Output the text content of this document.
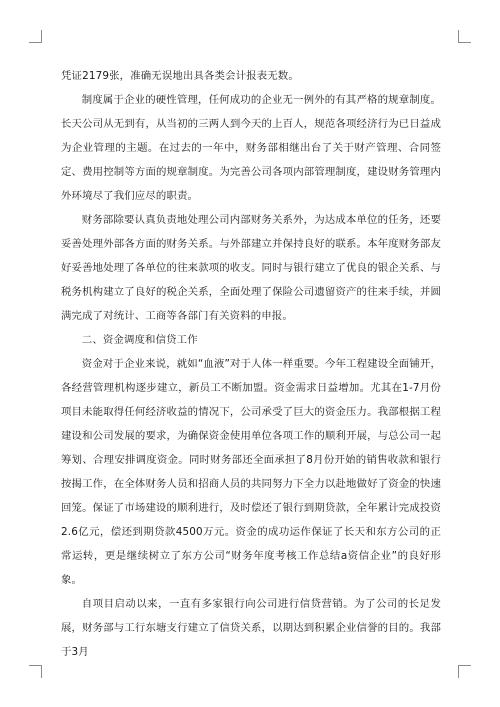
凭证2179张，准确无误地出具各类会计报表无数。

制度属于企业的硬性管理，任何成功的企业无一例外的有其严格的规章制度。长天公司从无到有，从当初的三两人到今天的上百人，规范各项经济行为已日益成为企业管理的主题。在过去的一年中，财务部相继出台了关于财产管理、合同签定、费用控制等方面的规章制度。为完善公司各项内部管理制度，建设财务管理内外环境尽了我们应尽的职责。

财务部除要认真负责地处理公司内部财务关系外，为达成本单位的任务，还要妥善处理外部各方面的财务关系。与外部建立并保持良好的联系。本年度财务部友好妥善地处理了各单位的往来款项的收支。同时与银行建立了优良的银企关系、与税务机构建立了良好的税企关系，全面处理了保险公司遗留资产的往来手续，并圆满完成了对统计、工商等各部门有关资料的申报。

二、资金调度和信贷工作

资金对于企业来说，就如“血液”对于人体一样重要。今年工程建设全面铺开，各经营管理机构逐步建立，新员工不断加盟。资金需求日益增加。尤其在1-7月份项目未能取得任何经济收益的情况下，公司承受了巨大的资金压力。我部根据工程建设和公司发展的要求，为确保资金使用单位各项工作的顺利开展，与总公司一起筹划、合理安排调度资金。同时财务部还全面承担了8月份开始的销售收款和银行按揭工作，在全体财务人员和招商人员的共同努力下全力以赴地做好了资金的快速回笼。保证了市场建设的顺利进行，及时偿还了银行到期贷款，全年累计完成投资2.6亿元，偿还到期贷款4500万元。资金的成功运作保证了长天和东方公司的正常运转，更是继续树立了东方公司“财务年度考核工作总结a资信企业”的良好形象。

自项目启动以来，一直有多家银行向公司进行信贷营销。为了公司的长足发展，财务部与工行东塘支行建立了信贷关系，以期达到积累企业信誉的目的。我部于3月
